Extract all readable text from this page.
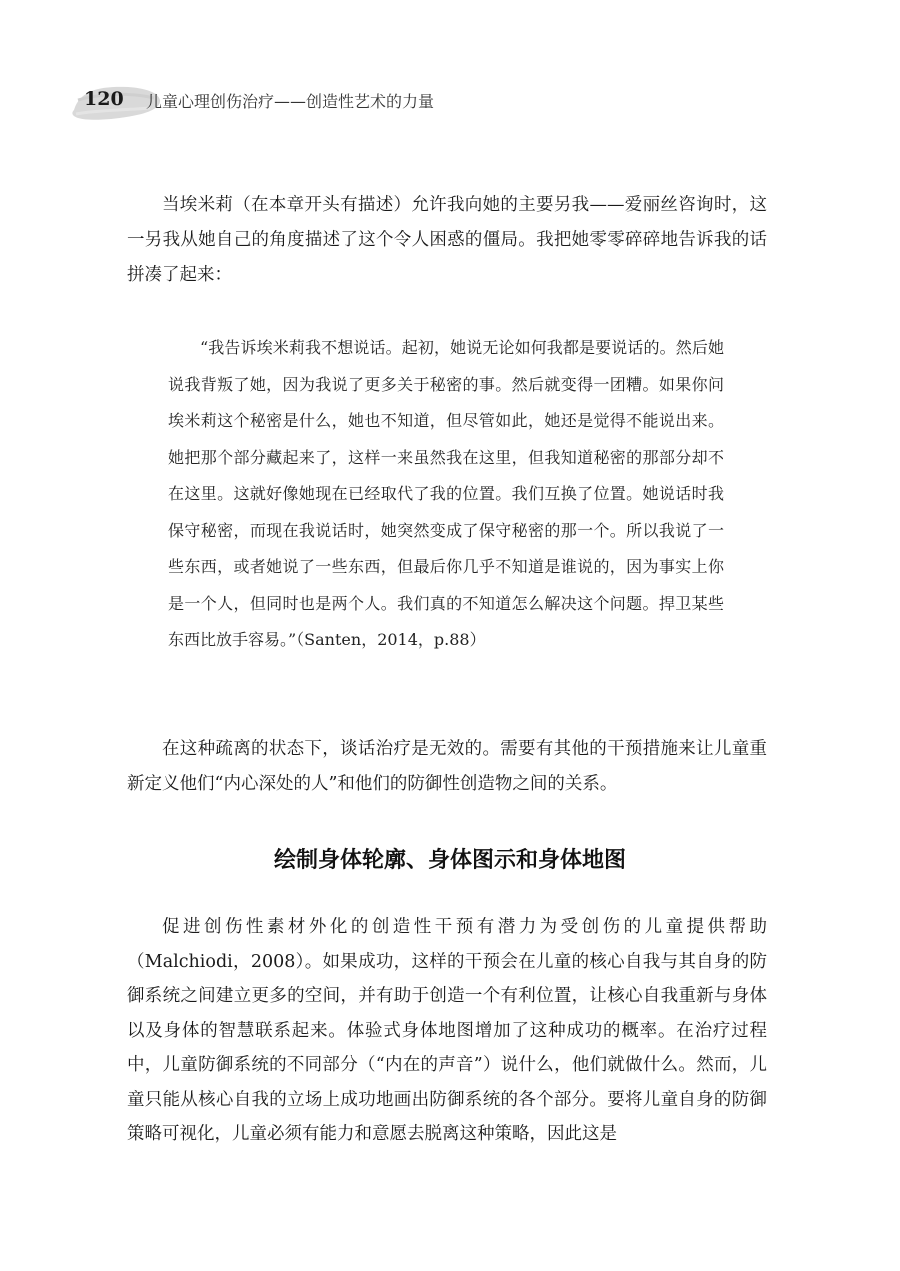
120 儿童心理创伤治疗——创造性艺术的力量

当埃米莉（在本章开头有描述）允许我向她的主要另我——爱丽丝咨询时，这一另我从她自己的角度描述了这个令人困惑的僵局。我把她零零碎碎地告诉我的话拼凑了起来：

“我告诉埃米莉我不想说话。起初，她说无论如何我都是要说话的。然后她说我背叛了她，因为我说了更多关于秘密的事。然后就变得一团糟。如果你问埃米莉这个秘密是什么，她也不知道，但尽管如此，她还是觉得不能说出来。她把那个部分藏起来了，这样一来虽然我在这里，但我知道秘密的那部分却不在这里。这就好像她现在已经取代了我的位置。我们互换了位置。她说话时我保守秘密，而现在我说话时，她突然变成了保守秘密的那一个。所以我说了一些东西，或者她说了一些东西，但最后你几乎不知道是谁说的，因为事实上你是一个人，但同时也是两个人。我们真的不知道怎么解决这个问题。捍卫某些东西比放手容易。”（Santen，2014，p.88）

在这种疏离的状态下，谈话治疗是无效的。需要有其他的干预措施来让儿童重新定义他们“内心深处的人”和他们的防御性创造物之间的关系。

绘制身体轮廓、身体图示和身体地图

促进创伤性素材外化的创造性干预有潜力为受创伤的儿童提供帮助（Malchiodi，2008）。如果成功，这样的干预会在儿童的核心自我与其自身的防御系统之间建立更多的空间，并有助于创造一个有利位置，让核心自我重新与身体以及身体的智慧联系起来。体验式身体地图增加了这种成功的概率。在治疗过程中，儿童防御系统的不同部分（“内在的声音”）说什么，他们就做什么。然而，儿童只能从核心自我的立场上成功地画出防御系统的各个部分。要将儿童自身的防御策略可视化，儿童必须有能力和意愿去脱离这种策略，因此这是
